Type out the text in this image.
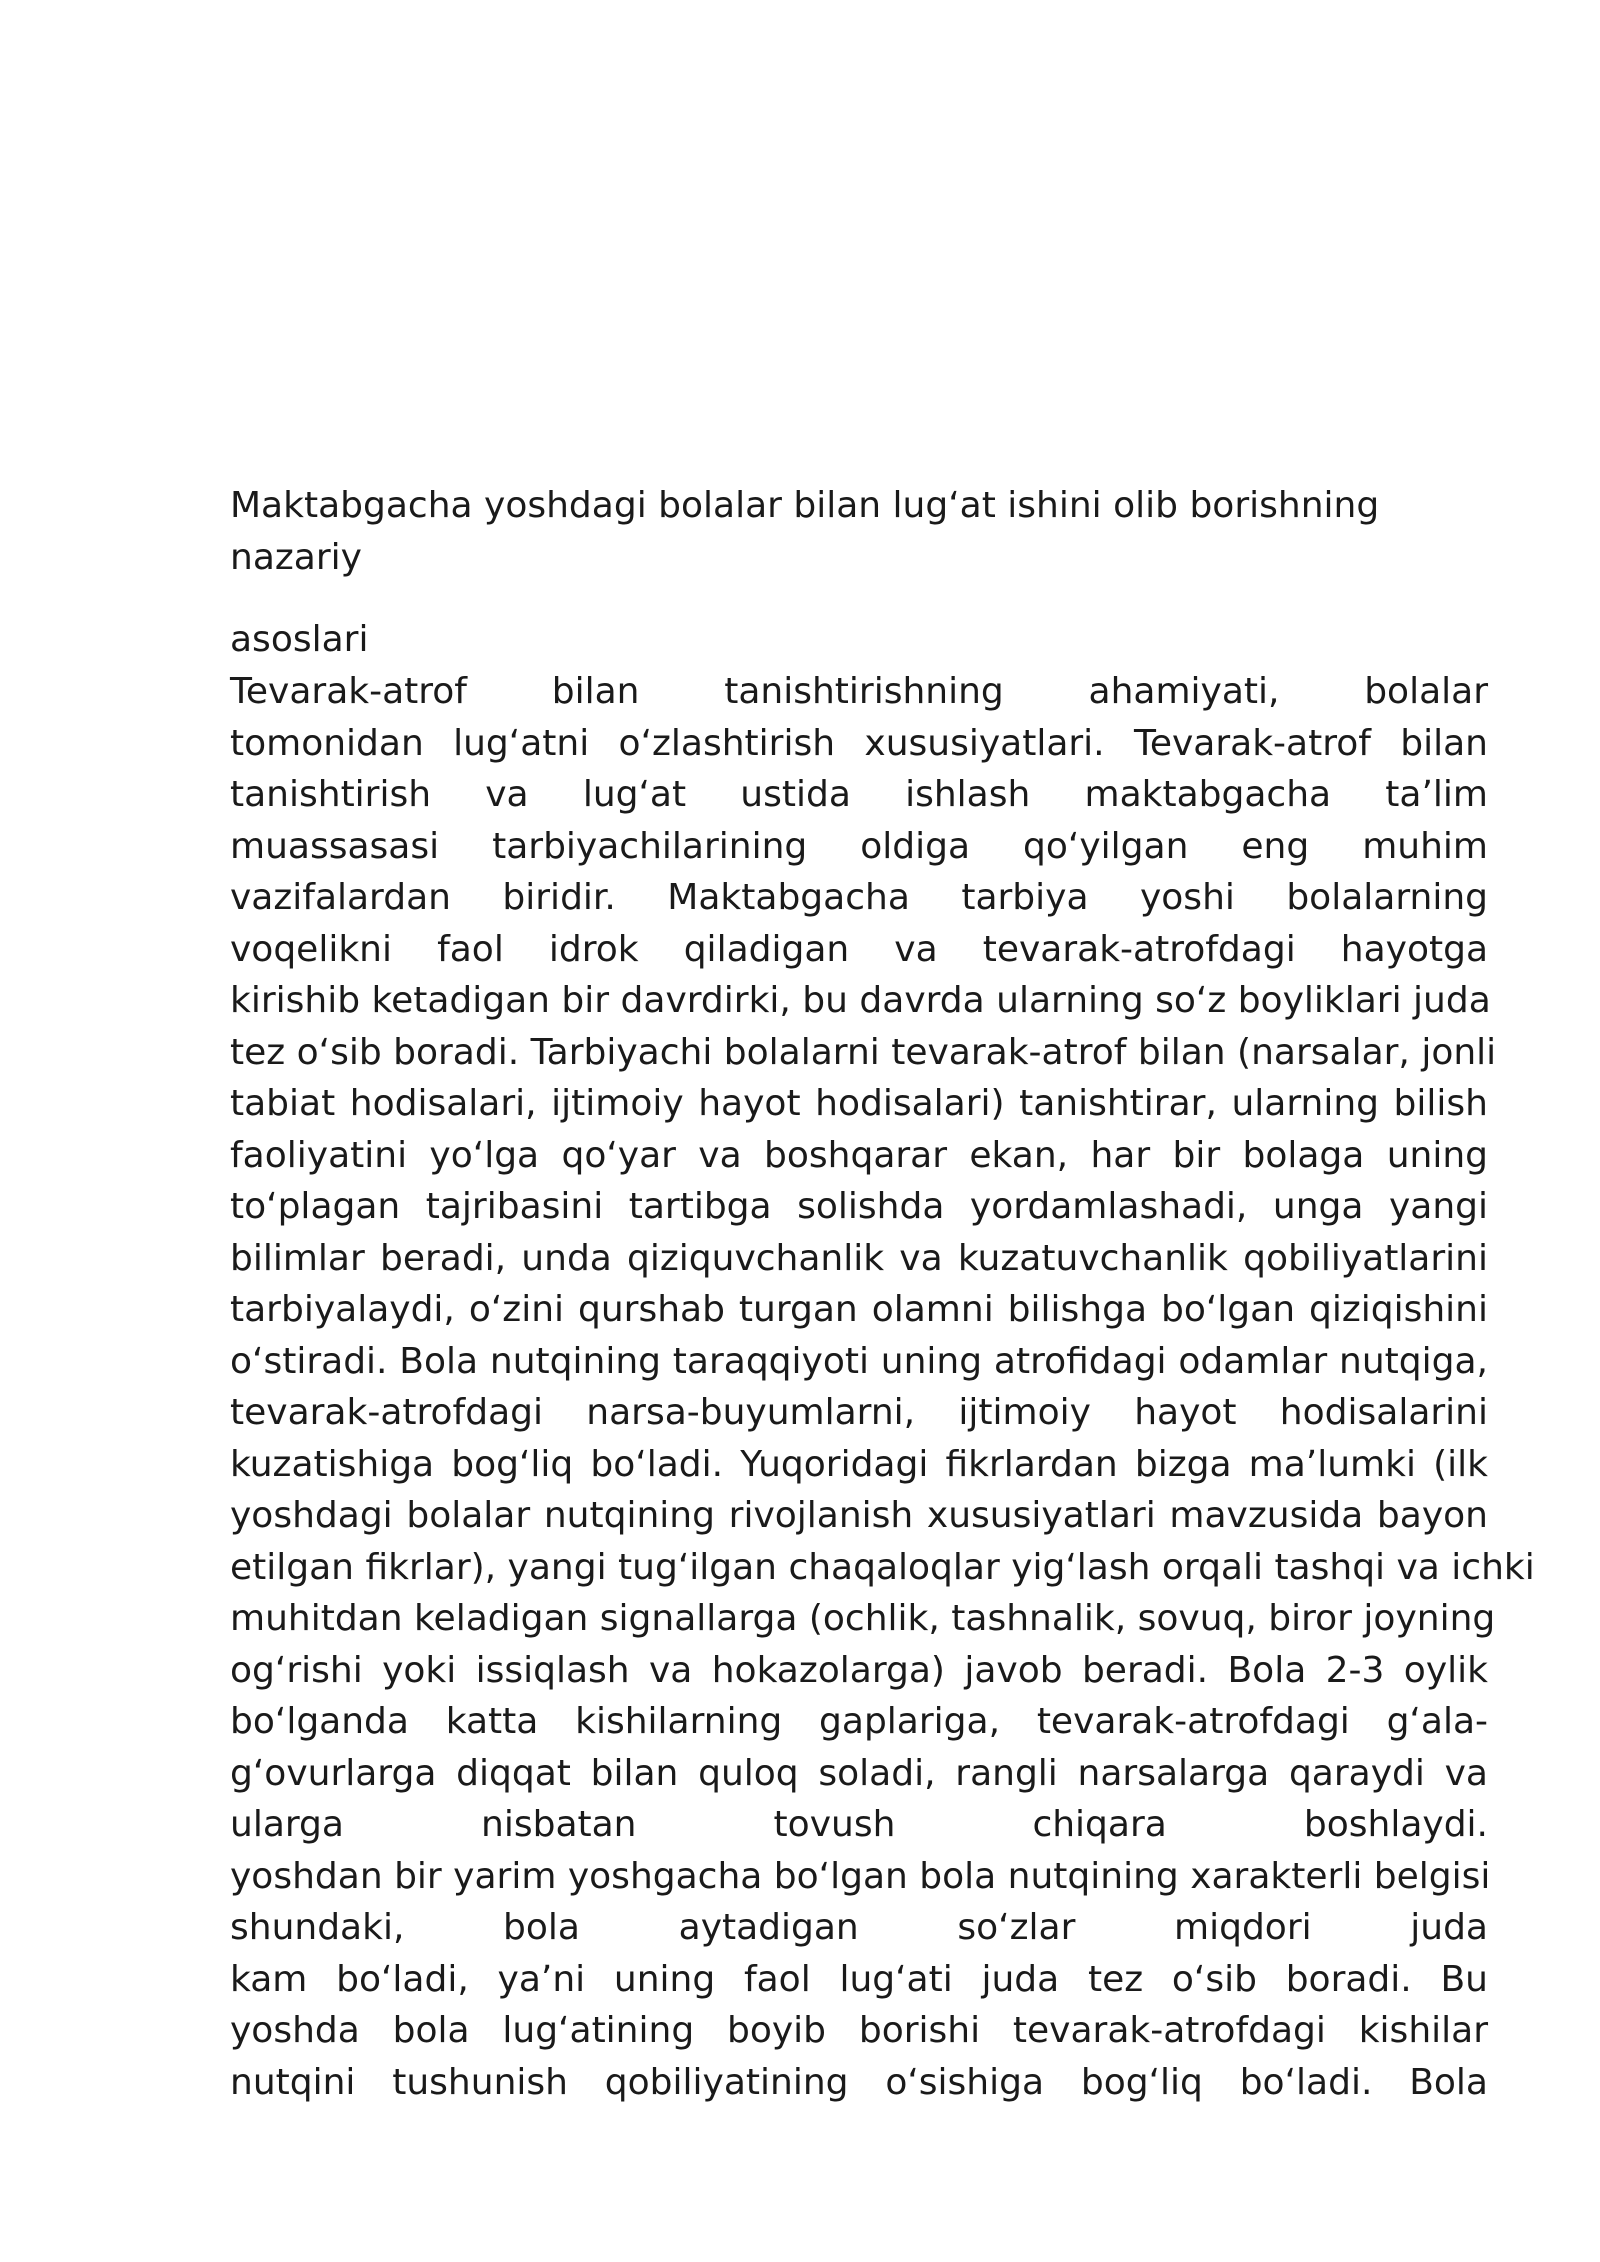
Maktabgacha yoshdagi bolalar bilan lug‘at ishini olib borishning
nazariy
asoslari
Tevarak-atrof bilan tanishtirishning ahamiyati, bolalar
tomonidan lug‘atni o‘zlashtirish xususiyatlari. Tevarak-atrof bilan
tanishtirish va lug‘at ustida ishlash maktabgacha ta’lim
muassasasi tarbiyachilarining oldiga qo‘yilgan eng muhim
vazifalardan biridir. Maktabgacha tarbiya yoshi bolalarning
voqelikni faol idrok qiladigan va tevarak-atrofdagi hayotga
kirishib ketadigan bir davrdirki, bu davrda ularning so‘z boyliklari juda
tez o‘sib boradi. Tarbiyachi bolalarni tevarak-atrof bilan (narsalar, jonli
tabiat hodisalari, ijtimoiy hayot hodisalari) tanishtirar, ularning bilish
faoliyatini yo‘lga qo‘yar va boshqarar ekan, har bir bolaga uning
to‘plagan tajribasini tartibga solishda yordamlashadi, unga yangi
bilimlar beradi, unda qiziquvchanlik va kuzatuvchanlik qobiliyatlarini
tarbiyalaydi, o‘zini qurshab turgan olamni bilishga bo‘lgan qiziqishini
o‘stiradi. Bola nutqining taraqqiyoti uning atrofidagi odamlar nutqiga,
tevarak-atrofdagi narsa-buyumlarni, ijtimoiy hayot hodisalarini
kuzatishiga bog‘liq bo‘ladi. Yuqoridagi fikrlardan bizga ma’lumki (ilk
yoshdagi bolalar nutqining rivojlanish xususiyatlari mavzusida bayon
etilgan fikrlar), yangi tug‘ilgan chaqaloqlar yig‘lash orqali tashqi va ichki
muhitdan keladigan signallarga (ochlik, tashnalik, sovuq, biror joyning
og‘rishi yoki issiqlash va hokazolarga) javob beradi. Bola 2-3 oylik
bo‘lganda katta kishilarning gaplariga, tevarak-atrofdagi g‘ala-
g‘ovurlarga diqqat bilan quloq soladi, rangli narsalarga qaraydi va
ularga nisbatan tovush chiqara boshlaydi.
yoshdan bir yarim yoshgacha bo‘lgan bola nutqining xarakterli belgisi
shundaki, bola aytadigan so‘zlar miqdori juda
kam bo‘ladi, ya’ni uning faol lug‘ati juda tez o‘sib boradi. Bu
yoshda bola lug‘atining boyib borishi tevarak-atrofdagi kishilar
nutqini tushunish qobiliyatining o‘sishiga bog‘liq bo‘ladi. Bola
